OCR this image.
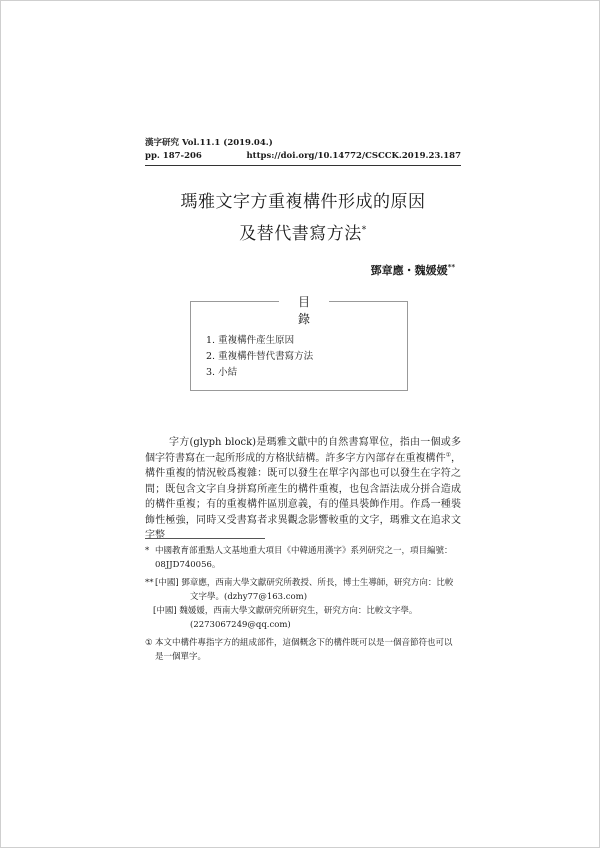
漢字研究 Vol.11.1 (2019.04.)
pp. 187-206	https://doi.org/10.14772/CSCCK.2019.23.187
瑪雅文字方重複構件形成的原因
及替代書寫方法*
鄧章應・魏媛媛**
目錄
1. 重複構件產生原因
2. 重複構件替代書寫方法
3. 小結

字方(glyph block)是瑪雅文獻中的自然書寫單位，指由一個或多個字符書寫在一起所形成的方格狀結構。許多字方內部存在重複構件①，構件重複的情況較爲複雜：既可以發生在單字內部也可以發生在字符之間；既包含文字自身拼寫所產生的構件重複，也包含語法成分拼合造成的構件重複；有的重複構件區別意義，有的僅具裝飾作用。作爲一種裝飾性極強，同時又受書寫者求異觀念影響較重的文字，瑪雅文在追求文字整

* 中國教育部重點人文基地重大項目《中韓通用漢字》系列研究之一，項目編號：
08JJD740056。
** [中國] 鄧章應，西南大學文獻研究所教授、所長，博士生導師，研究方向：比較
文字學。(dzhy77@163.com)
[中國] 魏媛媛，西南大學文獻研究所研究生，研究方向：比較文字學。
(2273067249@qq.com)
① 本文中構件專指字方的組成部件，這個概念下的構件既可以是一個音節符也可以
是一個單字。
